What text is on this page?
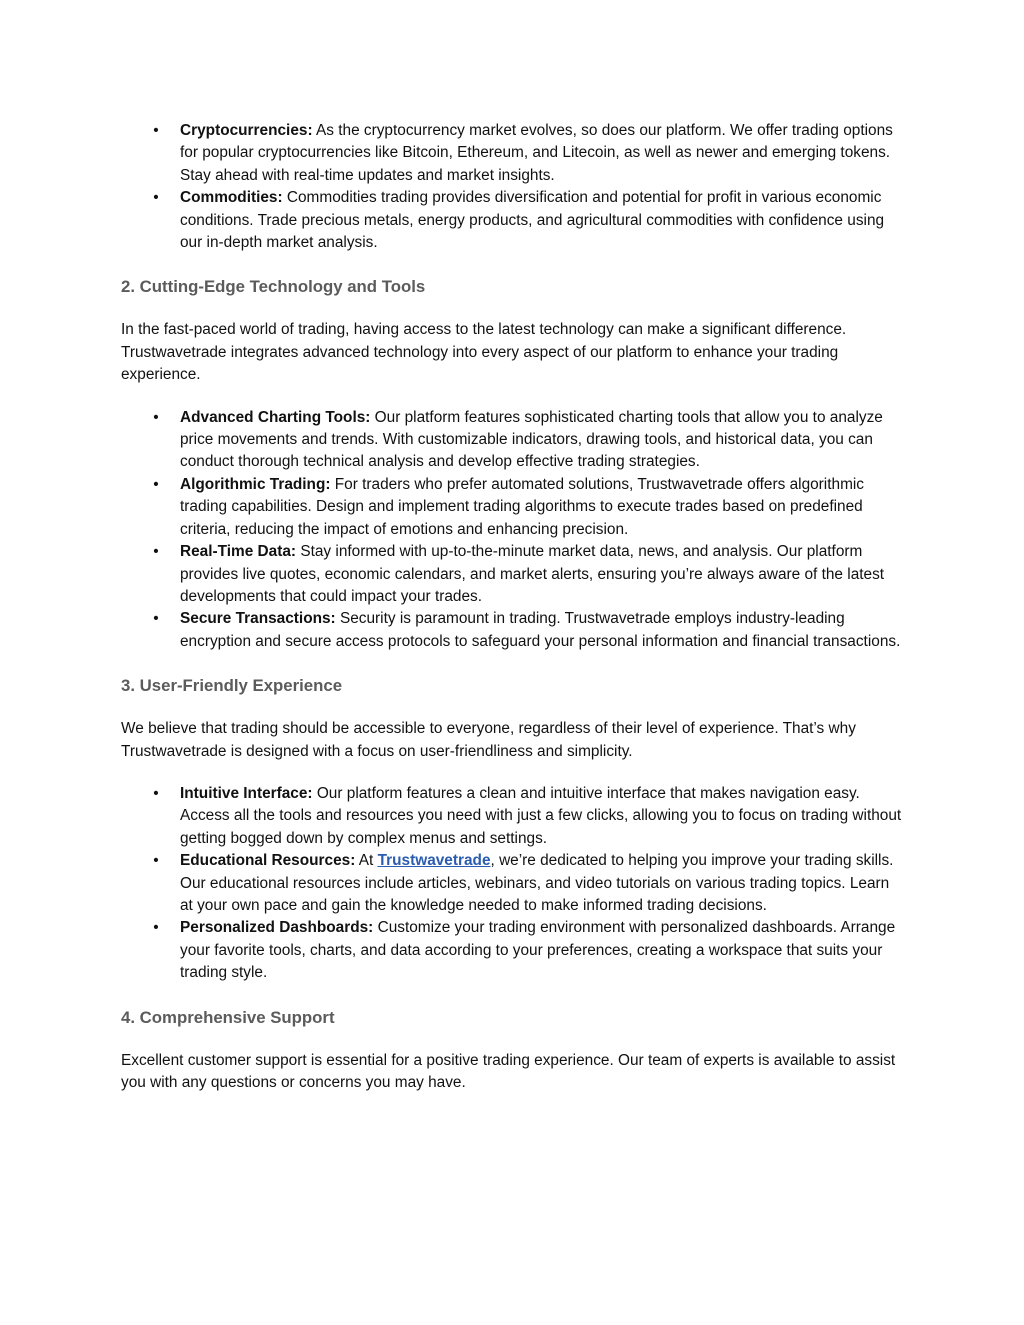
• Cryptocurrencies: As the cryptocurrency market evolves, so does our platform. We offer trading options for popular cryptocurrencies like Bitcoin, Ethereum, and Litecoin, as well as newer and emerging tokens. Stay ahead with real-time updates and market insights.
• Commodities: Commodities trading provides diversification and potential for profit in various economic conditions. Trade precious metals, energy products, and agricultural commodities with confidence using our in-depth market analysis.
2. Cutting-Edge Technology and Tools

In the fast-paced world of trading, having access to the latest technology can make a significant difference. Trustwavetrade integrates advanced technology into every aspect of our platform to enhance your trading experience.

• Advanced Charting Tools: Our platform features sophisticated charting tools that allow you to analyze price movements and trends. With customizable indicators, drawing tools, and historical data, you can conduct thorough technical analysis and develop effective trading strategies.
• Algorithmic Trading: For traders who prefer automated solutions, Trustwavetrade offers algorithmic trading capabilities. Design and implement trading algorithms to execute trades based on predefined criteria, reducing the impact of emotions and enhancing precision.
• Real-Time Data: Stay informed with up-to-the-minute market data, news, and analysis. Our platform provides live quotes, economic calendars, and market alerts, ensuring you’re always aware of the latest developments that could impact your trades.
• Secure Transactions: Security is paramount in trading. Trustwavetrade employs industry-leading encryption and secure access protocols to safeguard your personal information and financial transactions.
3. User-Friendly Experience

We believe that trading should be accessible to everyone, regardless of their level of experience. That’s why Trustwavetrade is designed with a focus on user-friendliness and simplicity.

• Intuitive Interface: Our platform features a clean and intuitive interface that makes navigation easy. Access all the tools and resources you need with just a few clicks, allowing you to focus on trading without getting bogged down by complex menus and settings.
• Educational Resources: At Trustwavetrade, we’re dedicated to helping you improve your trading skills. Our educational resources include articles, webinars, and video tutorials on various trading topics. Learn at your own pace and gain the knowledge needed to make informed trading decisions.
• Personalized Dashboards: Customize your trading environment with personalized dashboards. Arrange your favorite tools, charts, and data according to your preferences, creating a workspace that suits your trading style.
4. Comprehensive Support

Excellent customer support is essential for a positive trading experience. Our team of experts is available to assist you with any questions or concerns you may have.
